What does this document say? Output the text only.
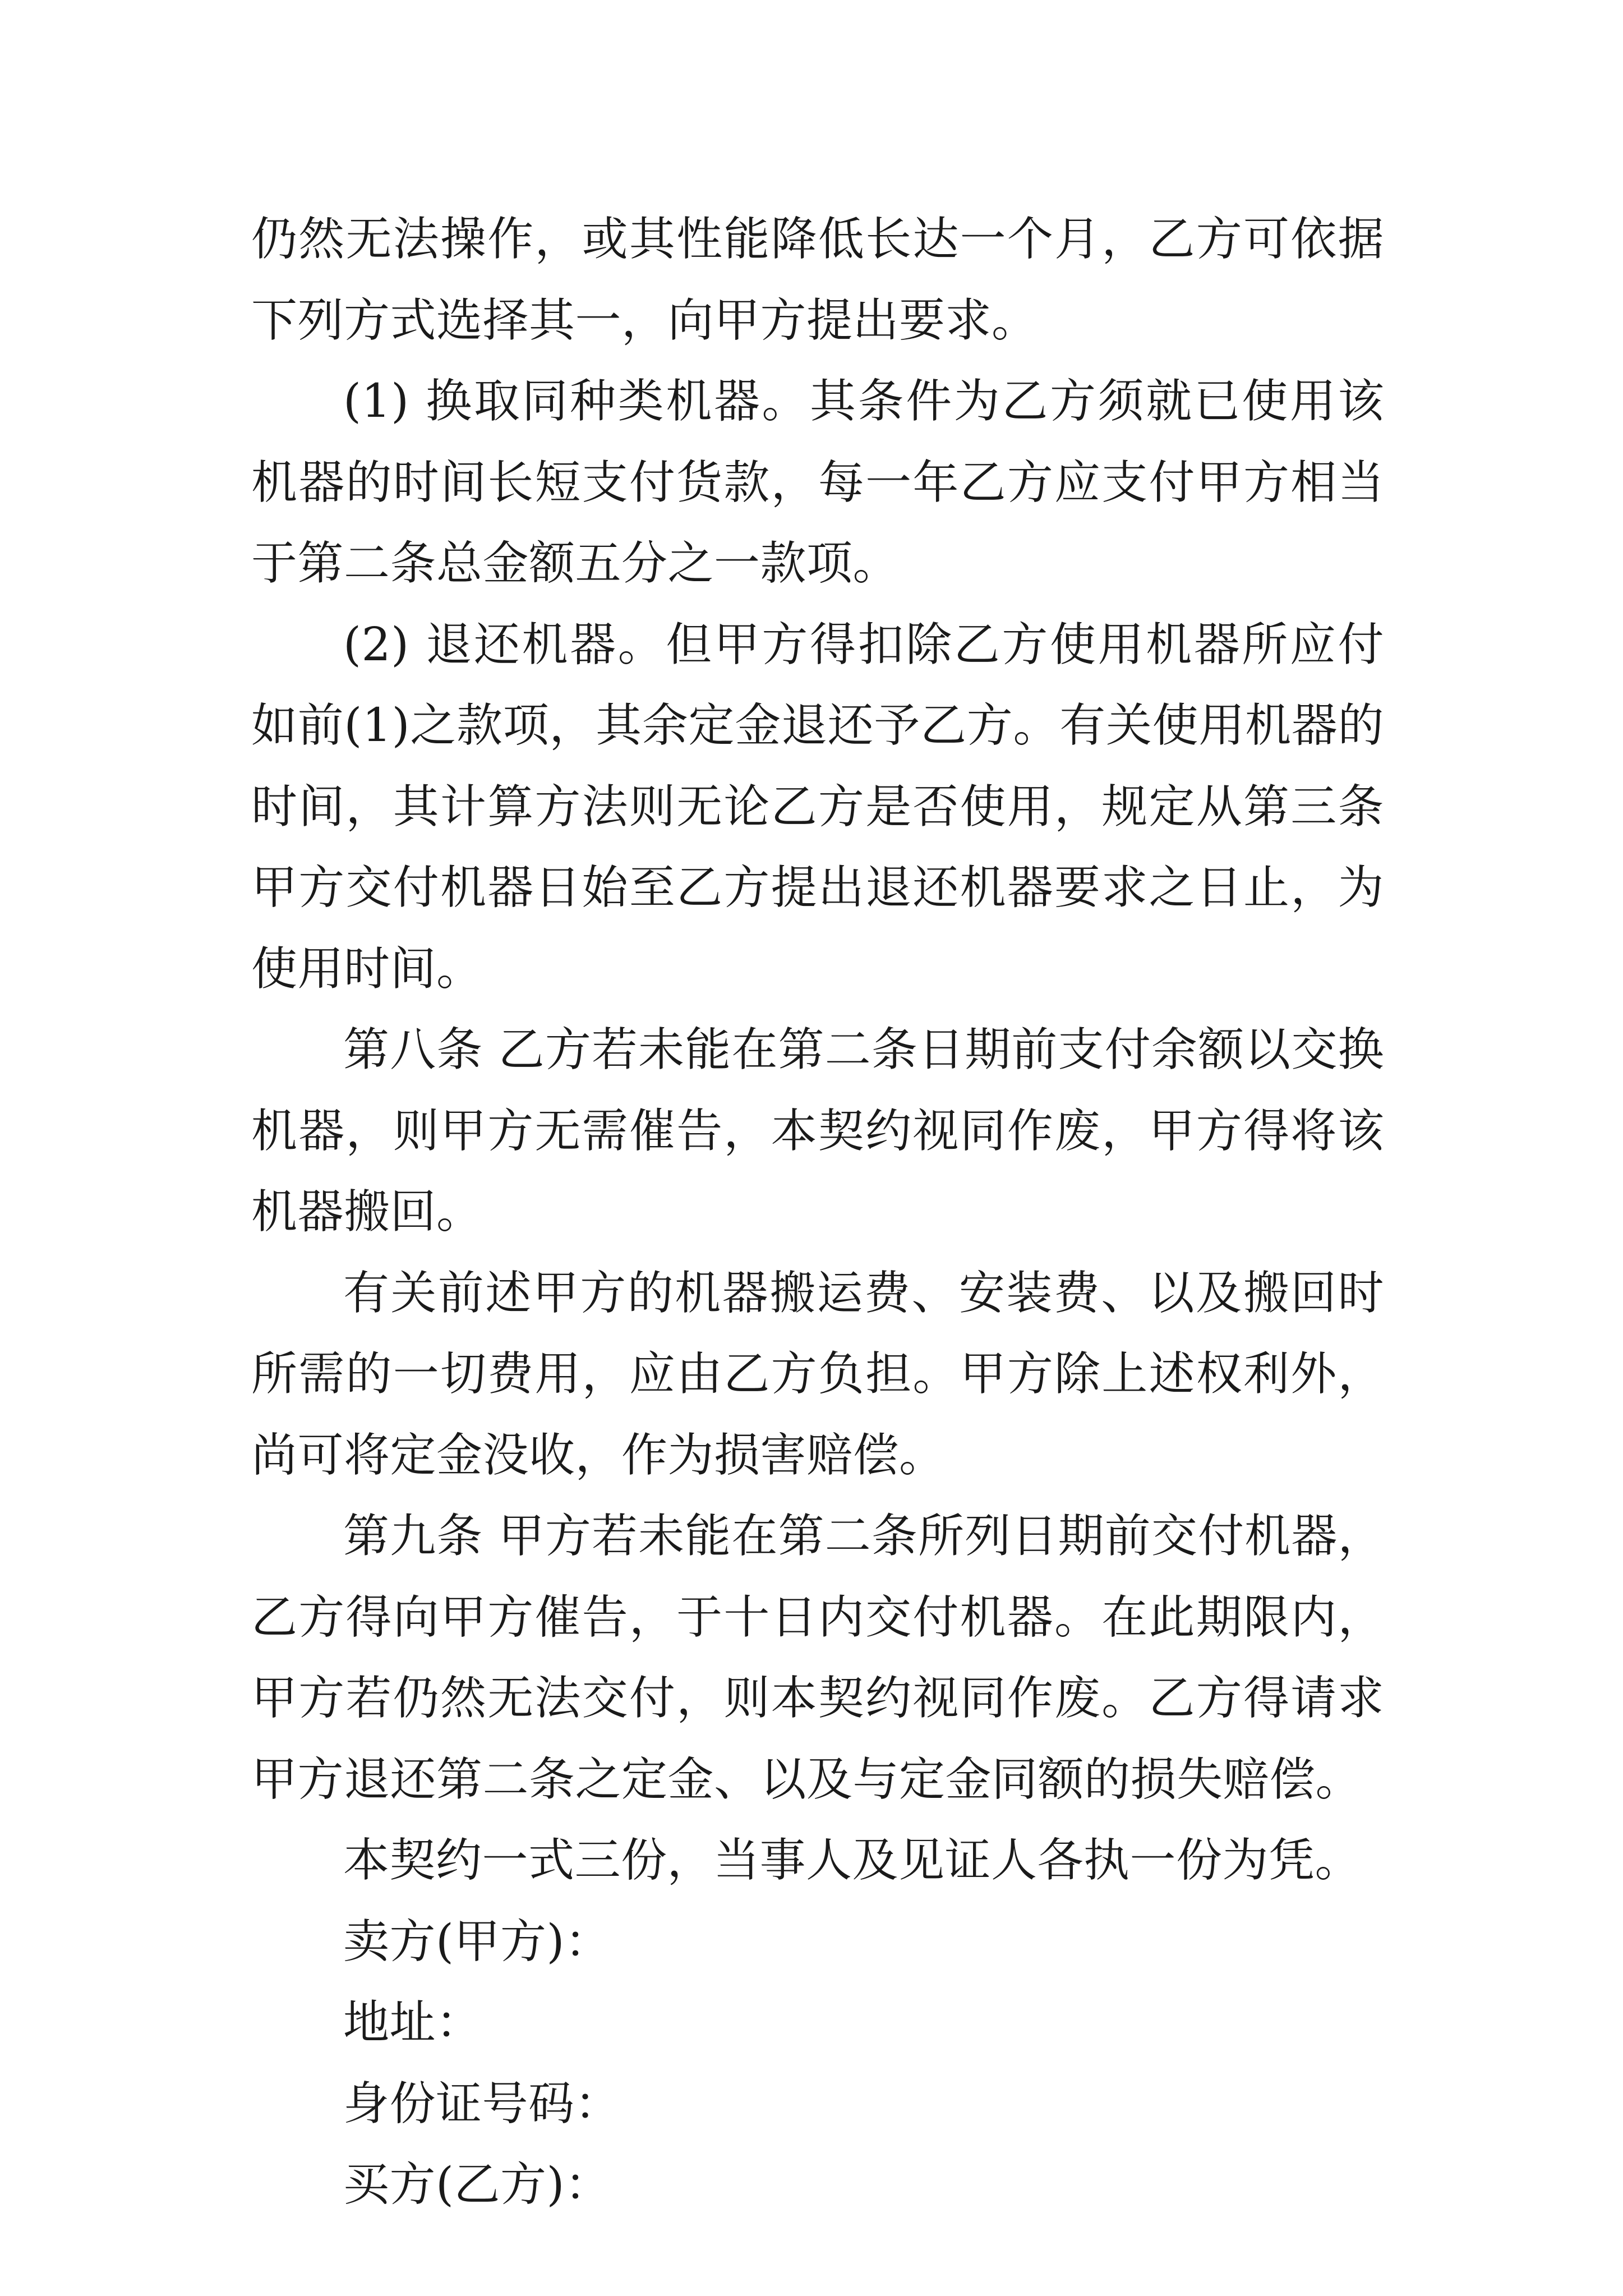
仍然无法操作，或其性能降低长达一个月，乙方可依据下列方式选择其一，向甲方提出要求。

(1) 换取同种类机器。其条件为乙方须就已使用该机器的时间长短支付货款，每一年乙方应支付甲方相当于第二条总金额五分之一款项。

(2) 退还机器。但甲方得扣除乙方使用机器所应付如前(1)之款项，其余定金退还予乙方。有关使用机器的时间，其计算方法则无论乙方是否使用，规定从第三条甲方交付机器日始至乙方提出退还机器要求之日止，为使用时间。

第八条 乙方若未能在第二条日期前支付余额以交换机器，则甲方无需催告，本契约视同作废，甲方得将该机器搬回。

有关前述甲方的机器搬运费、安装费、以及搬回时所需的一切费用，应由乙方负担。甲方除上述权利外，尚可将定金没收，作为损害赔偿。

第九条 甲方若未能在第二条所列日期前交付机器，乙方得向甲方催告，于十日内交付机器。在此期限内，甲方若仍然无法交付，则本契约视同作废。乙方得请求甲方退还第二条之定金、以及与定金同额的损失赔偿。

本契约一式三份，当事人及见证人各执一份为凭。

卖方(甲方)：

地址：

身份证号码：

买方(乙方)：
